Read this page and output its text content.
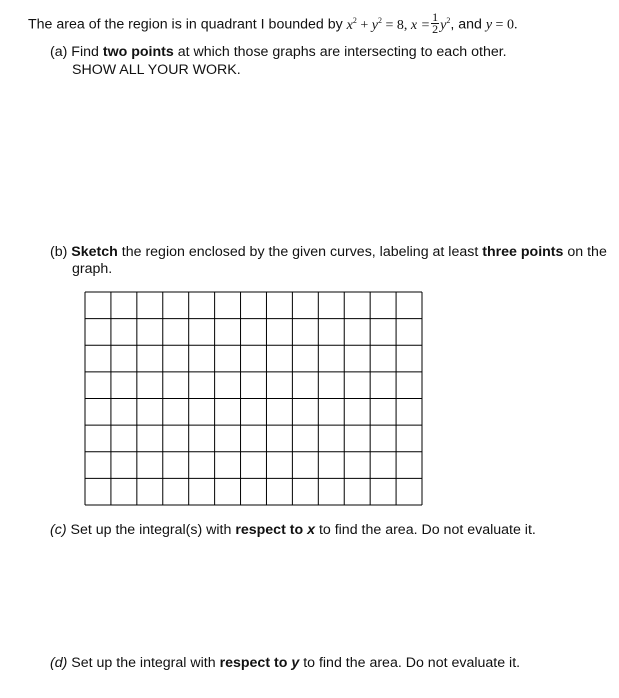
The area of the region is in quadrant I bounded by $x^2 + y^2 = 8$, $x = \frac{1}{2} y^2$, and y = 0.
(a) Find two points at which those graphs are intersecting to each other.
SHOW ALL YOUR WORK.
(b) Sketch the region enclosed by the given curves, labeling at least three points on the
graph.
(c) Set up the integral(s) with respect to x to find the area. Do not evaluate it.
(d) Set up the integral with respect to y to find the area. Do not evaluate it.
